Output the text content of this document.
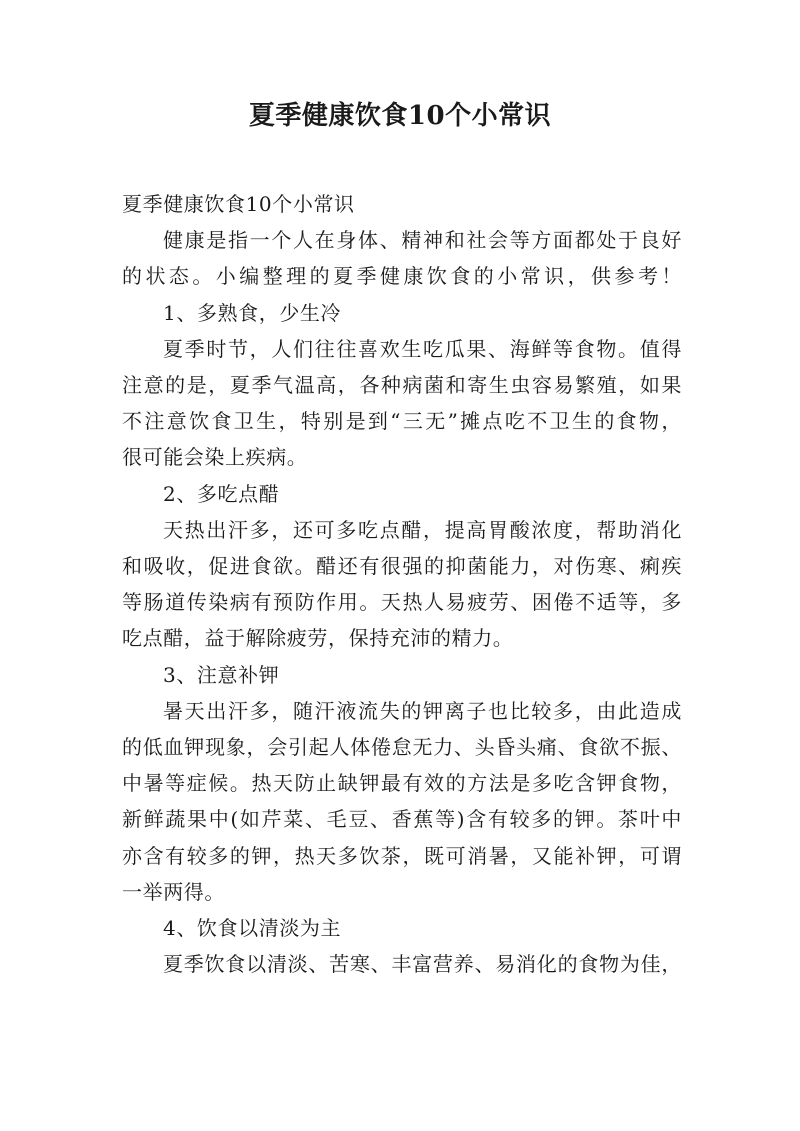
夏季健康饮食10个小常识
夏季健康饮食10个小常识
健康是指一个人在身体、精神和社会等方面都处于良好
的状态。小编整理的夏季健康饮食的小常识，供参考！
1、多熟食，少生冷
夏季时节，人们往往喜欢生吃瓜果、海鲜等食物。值得
注意的是，夏季气温高，各种病菌和寄生虫容易繁殖，如果
不注意饮食卫生，特别是到“三无”摊点吃不卫生的食物，
很可能会染上疾病。
2、多吃点醋
天热出汗多，还可多吃点醋，提高胃酸浓度，帮助消化
和吸收，促进食欲。醋还有很强的抑菌能力，对伤寒、痢疾
等肠道传染病有预防作用。天热人易疲劳、困倦不适等，多
吃点醋，益于解除疲劳，保持充沛的精力。
3、注意补钾
暑天出汗多，随汗液流失的钾离子也比较多，由此造成
的低血钾现象，会引起人体倦怠无力、头昏头痛、食欲不振、
中暑等症候。热天防止缺钾最有效的方法是多吃含钾食物，
新鲜蔬果中(如芹菜、毛豆、香蕉等)含有较多的钾。茶叶中
亦含有较多的钾，热天多饮茶，既可消暑，又能补钾，可谓
一举两得。
4、饮食以清淡为主
夏季饮食以清淡、苦寒、丰富营养、易消化的食物为佳，
